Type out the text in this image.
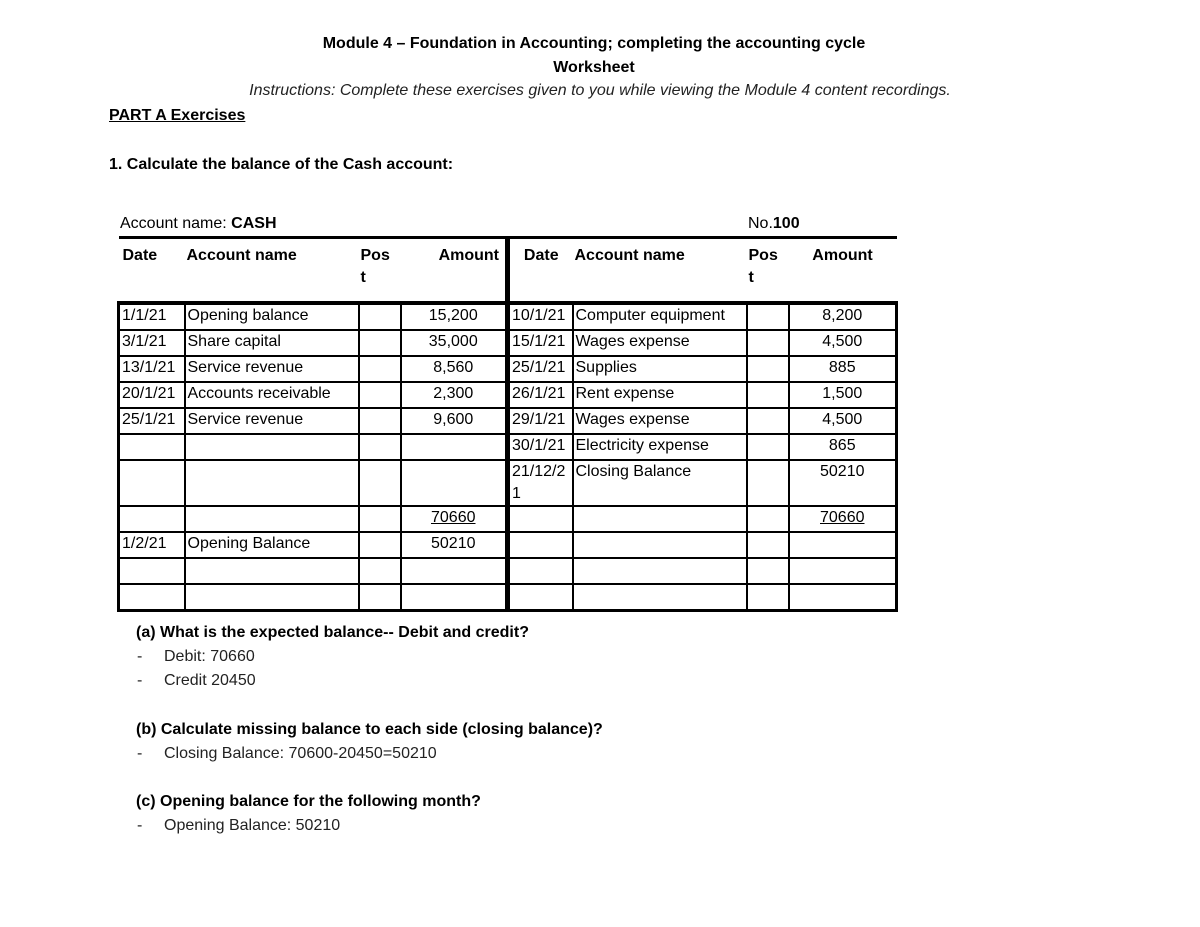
Module 4 – Foundation in Accounting; completing the accounting cycle
Worksheet
Instructions: Complete these exercises given to you while viewing the Module 4 content recordings.
PART A Exercises
1. Calculate the balance of the Cash account:
Account name: CASH	No.100
Date	Account name	Pos t	Amount	Date	Account name	Pos t	Amount
1/1/21	Opening balance		15,200	10/1/21	Computer equipment		8,200
3/1/21	Share capital		35,000	15/1/21	Wages expense		4,500
13/1/21	Service revenue		8,560	25/1/21	Supplies		885
20/1/21	Accounts receivable		2,300	26/1/21	Rent expense		1,500
25/1/21	Service revenue		9,600	29/1/21	Wages expense		4,500
				30/1/21	Electricity expense		865
				21/12/2 1	Closing Balance		50210
			70660				70660
1/2/21	Opening Balance		50210				

(a) What is the expected balance-- Debit and credit?
- Debit: 70660
- Credit 20450
(b) Calculate missing balance to each side (closing balance)?
- Closing Balance: 70600-20450=50210
(c) Opening balance for the following month?
- Opening Balance: 50210
